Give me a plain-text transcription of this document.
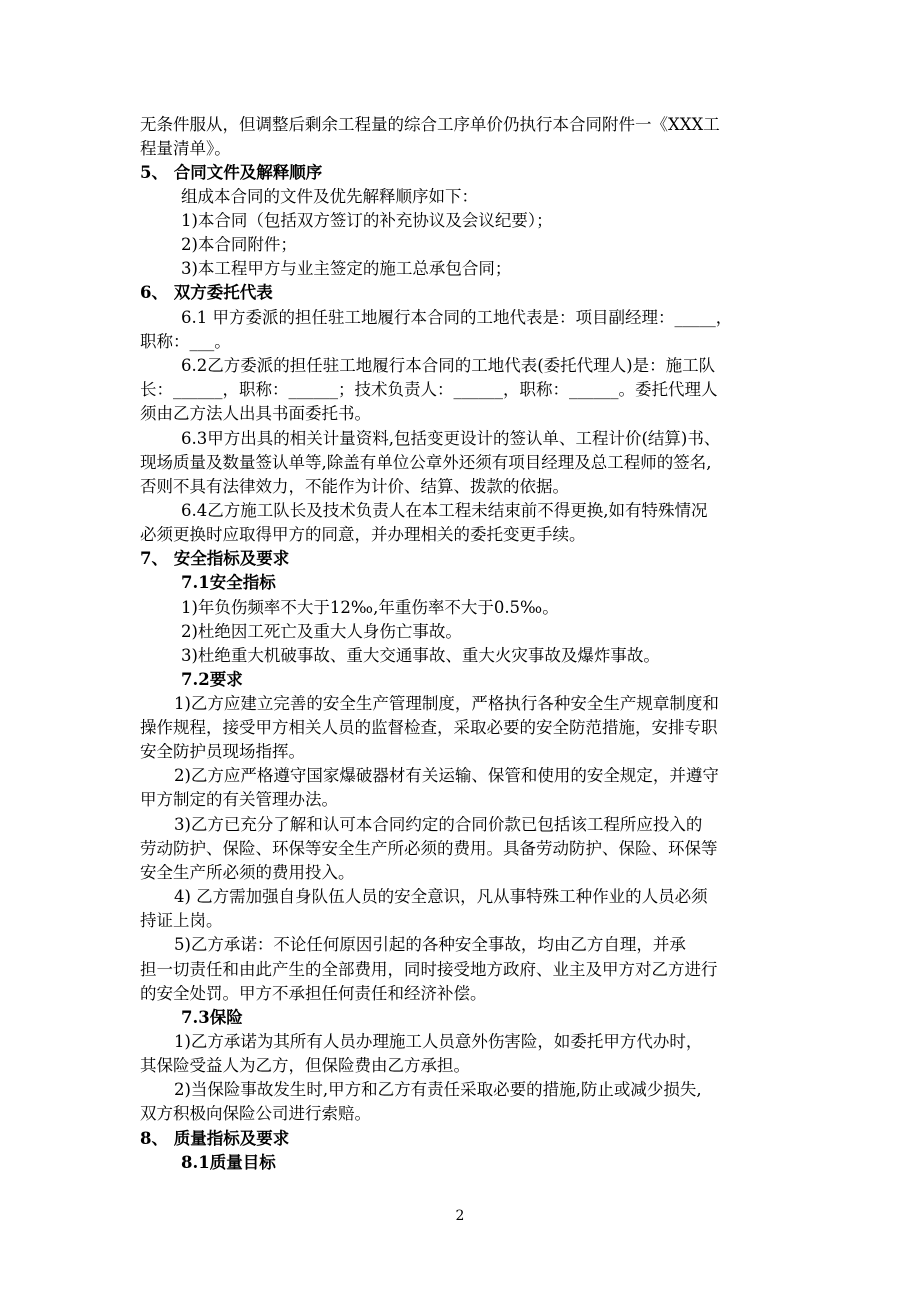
无条件服从，但调整后剩余工程量的综合工序单价仍执行本合同附件一《XXX工
程量清单》。
5、 合同文件及解释顺序
组成本合同的文件及优先解释顺序如下：
1)本合同（包括双方签订的补充协议及会议纪要）；
2)本合同附件；
3)本工程甲方与业主签定的施工总承包合同；
6、 双方委托代表
6.1 甲方委派的担任驻工地履行本合同的工地代表是：项目副经理：_____，
职称：___。
6.2乙方委派的担任驻工地履行本合同的工地代表(委托代理人)是：施工队
长：______，职称：______；技术负责人：______，职称：______。委托代理人
须由乙方法人出具书面委托书。
6.3甲方出具的相关计量资料,包括变更设计的签认单、工程计价(结算)书、
现场质量及数量签认单等,除盖有单位公章外还须有项目经理及总工程师的签名,
否则不具有法律效力，不能作为计价、结算、拨款的依据。
6.4乙方施工队长及技术负责人在本工程未结束前不得更换,如有特殊情况
必须更换时应取得甲方的同意，并办理相关的委托变更手续。
7、 安全指标及要求
7.1安全指标
1)年负伤频率不大于12‰,年重伤率不大于0.5‰。
2)杜绝因工死亡及重大人身伤亡事故。
3)杜绝重大机破事故、重大交通事故、重大火灾事故及爆炸事故。
7.2要求
1)乙方应建立完善的安全生产管理制度，严格执行各种安全生产规章制度和
操作规程，接受甲方相关人员的监督检查，采取必要的安全防范措施，安排专职
安全防护员现场指挥。
2)乙方应严格遵守国家爆破器材有关运输、保管和使用的安全规定，并遵守
甲方制定的有关管理办法。
3)乙方已充分了解和认可本合同约定的合同价款已包括该工程所应投入的
劳动防护、保险、环保等安全生产所必须的费用。具备劳动防护、保险、环保等
安全生产所必须的费用投入。
4) 乙方需加强自身队伍人员的安全意识，凡从事特殊工种作业的人员必须
持证上岗。
5)乙方承诺：不论任何原因引起的各种安全事故，均由乙方自理，并承
担一切责任和由此产生的全部费用，同时接受地方政府、业主及甲方对乙方进行
的安全处罚。甲方不承担任何责任和经济补偿。
7.3保险
1)乙方承诺为其所有人员办理施工人员意外伤害险，如委托甲方代办时，
其保险受益人为乙方，但保险费由乙方承担。
2)当保险事故发生时,甲方和乙方有责任采取必要的措施,防止或减少损失,
双方积极向保险公司进行索赔。
8、 质量指标及要求
8.1质量目标
2
